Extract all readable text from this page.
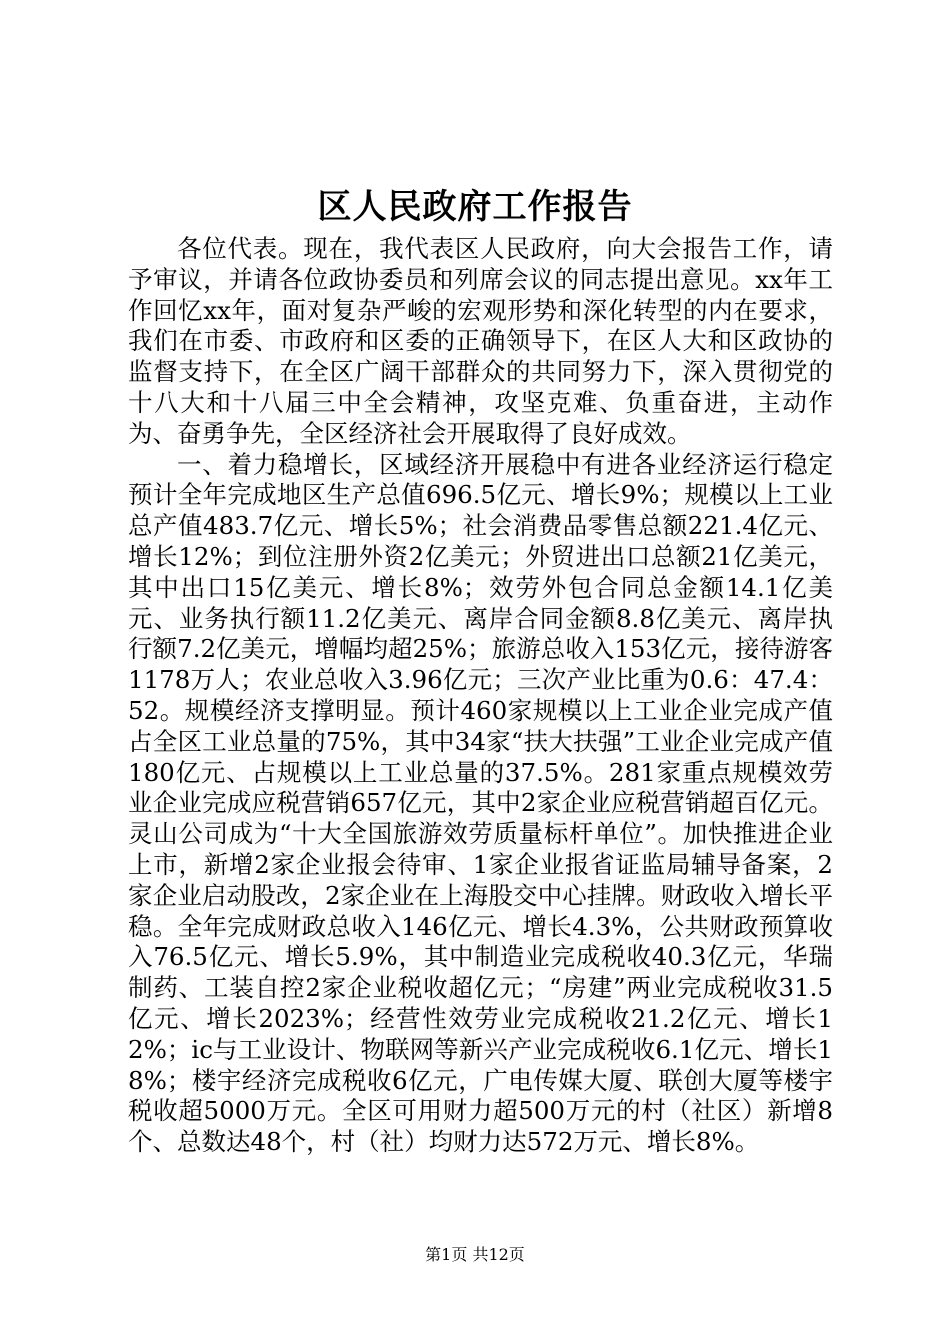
区人民政府工作报告

各位代表。现在，我代表区人民政府，向大会报告工作，请予审议，并请各位政协委员和列席会议的同志提出意见。xx年工作回忆xx年，面对复杂严峻的宏观形势和深化转型的内在要求，我们在市委、市政府和区委的正确领导下，在区人大和区政协的监督支持下，在全区广阔干部群众的共同努力下，深入贯彻党的十八大和十八届三中全会精神，攻坚克难、负重奋进，主动作为、奋勇争先，全区经济社会开展取得了良好成效。

一、着力稳增长，区域经济开展稳中有进各业经济运行稳定预计全年完成地区生产总值696.5亿元、增长9%；规模以上工业总产值483.7亿元、增长5%；社会消费品零售总额221.4亿元、增长12%；到位注册外资2亿美元；外贸进出口总额21亿美元，其中出口15亿美元、增长8%；效劳外包合同总金额14.1亿美元、业务执行额11.2亿美元、离岸合同金额8.8亿美元、离岸执行额7.2亿美元，增幅均超25%；旅游总收入153亿元，接待游客1178万人；农业总收入3.96亿元；三次产业比重为0.6：47.4：52。规模经济支撑明显。预计460家规模以上工业企业完成产值占全区工业总量的75%，其中34家“扶大扶强”工业企业完成产值180亿元、占规模以上工业总量的37.5%。281家重点规模效劳业企业完成应税营销657亿元，其中2家企业应税营销超百亿元。灵山公司成为“十大全国旅游效劳质量标杆单位”。加快推进企业上市，新增2家企业报会待审、1家企业报省证监局辅导备案，2家企业启动股改，2家企业在上海股交中心挂牌。财政收入增长平稳。全年完成财政总收入146亿元、增长4.3%，公共财政预算收入76.5亿元、增长5.9%，其中制造业完成税收40.3亿元，华瑞制药、工装自控2家企业税收超亿元；“房建”两业完成税收31.5亿元、增长2023%；经营性效劳业完成税收21.2亿元、增长12%；ic与工业设计、物联网等新兴产业完成税收6.1亿元、增长18%；楼宇经济完成税收6亿元，广电传媒大厦、联创大厦等楼宇税收超5000万元。全区可用财力超500万元的村（社区）新增8个、总数达48个，村（社）均财力达572万元、增长8%。

第1页 共12页
